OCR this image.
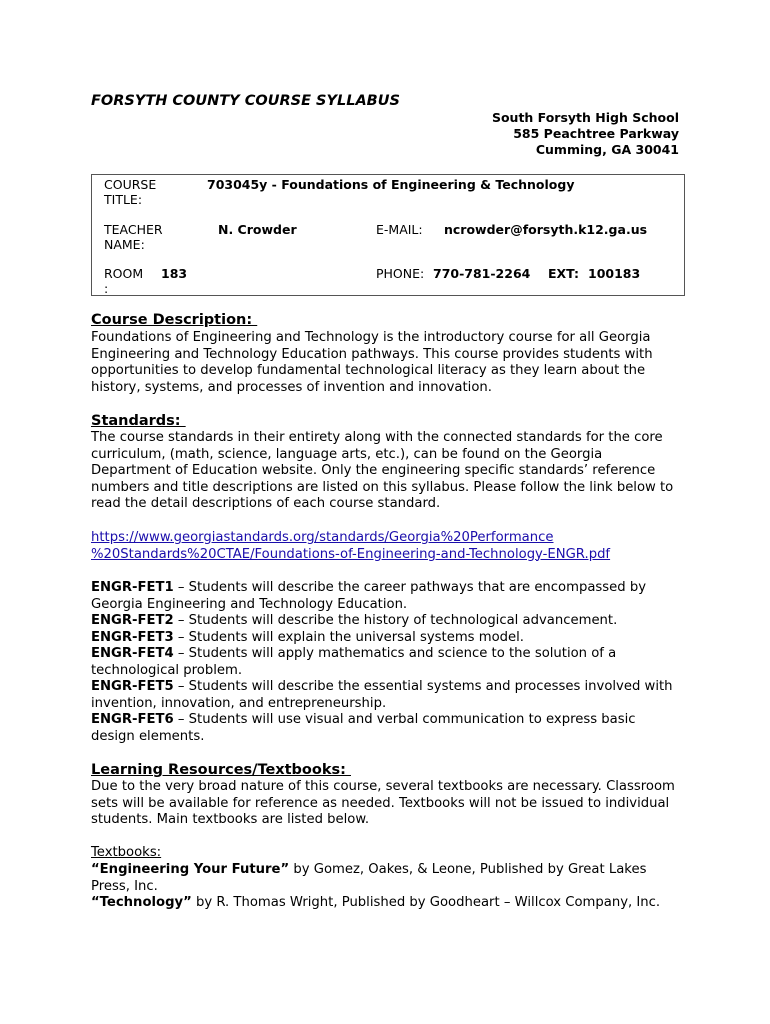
FORSYTH COUNTY COURSE SYLLABUS
South Forsyth High School
585 Peachtree Parkway
Cumming, GA 30041
COURSE
TITLE:
703045y - Foundations of Engineering & Technology
TEACHER
NAME:
N. Crowder	E-MAIL: ncrowder@forsyth.k12.ga.us
ROOM
:
183	PHONE: 770-781-2264 EXT: 100183
Course Description:
Foundations of Engineering and Technology is the introductory course for all Georgia Engineering and Technology Education pathways. This course provides students with opportunities to develop fundamental technological literacy as they learn about the history, systems, and processes of invention and innovation.
Standards:
The course standards in their entirety along with the connected standards for the core curriculum, (math, science, language arts, etc.), can be found on the Georgia Department of Education website. Only the engineering specific standards’ reference numbers and title descriptions are listed on this syllabus. Please follow the link below to read the detail descriptions of each course standard.
https://www.georgiastandards.org/standards/Georgia%20Performance
%20Standards%20CTAE/Foundations-of-Engineering-and-Technology-ENGR.pdf
ENGR-FET1 – Students will describe the career pathways that are encompassed by Georgia Engineering and Technology Education.
ENGR-FET2 – Students will describe the history of technological advancement.
ENGR-FET3 – Students will explain the universal systems model.
ENGR-FET4 – Students will apply mathematics and science to the solution of a technological problem.
ENGR-FET5 – Students will describe the essential systems and processes involved with invention, innovation, and entrepreneurship.
ENGR-FET6 – Students will use visual and verbal communication to express basic design elements.
Learning Resources/Textbooks:
Due to the very broad nature of this course, several textbooks are necessary. Classroom sets will be available for reference as needed. Textbooks will not be issued to individual students. Main textbooks are listed below.
Textbooks:
“Engineering Your Future” by Gomez, Oakes, & Leone, Published by Great Lakes Press, Inc.
“Technology” by R. Thomas Wright, Published by Goodheart – Willcox Company, Inc.
